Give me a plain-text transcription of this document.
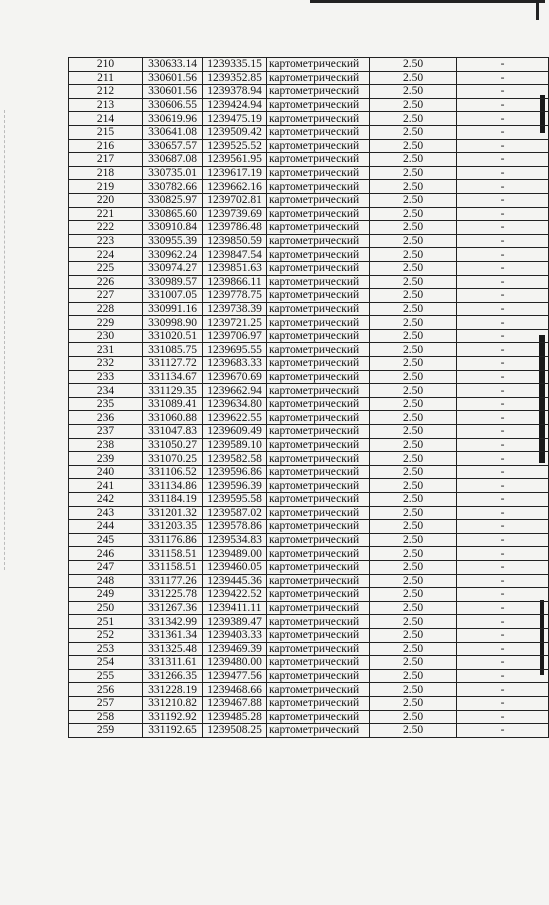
210	330633.14	1239335.15	картометрический	2.50	-
211	330601.56	1239352.85	картометрический	2.50	-
212	330601.56	1239378.94	картометрический	2.50	-
213	330606.55	1239424.94	картометрический	2.50	-
214	330619.96	1239475.19	картометрический	2.50	-
215	330641.08	1239509.42	картометрический	2.50	-
216	330657.57	1239525.52	картометрический	2.50	-
217	330687.08	1239561.95	картометрический	2.50	-
218	330735.01	1239617.19	картометрический	2.50	-
219	330782.66	1239662.16	картометрический	2.50	-
220	330825.97	1239702.81	картометрический	2.50	-
221	330865.60	1239739.69	картометрический	2.50	-
222	330910.84	1239786.48	картометрический	2.50	-
223	330955.39	1239850.59	картометрический	2.50	-
224	330962.24	1239847.54	картометрический	2.50	-
225	330974.27	1239851.63	картометрический	2.50	-
226	330989.57	1239866.11	картометрический	2.50	-
227	331007.05	1239778.75	картометрический	2.50	-
228	330991.16	1239738.39	картометрический	2.50	-
229	330998.90	1239721.25	картометрический	2.50	-
230	331020.51	1239706.97	картометрический	2.50	-
231	331085.75	1239695.55	картометрический	2.50	-
232	331127.72	1239683.33	картометрический	2.50	-
233	331134.67	1239670.69	картометрический	2.50	-
234	331129.35	1239662.94	картометрический	2.50	-
235	331089.41	1239634.80	картометрический	2.50	-
236	331060.88	1239622.55	картометрический	2.50	-
237	331047.83	1239609.49	картометрический	2.50	-
238	331050.27	1239589.10	картометрический	2.50	-
239	331070.25	1239582.58	картометрический	2.50	-
240	331106.52	1239596.86	картометрический	2.50	-
241	331134.86	1239596.39	картометрический	2.50	-
242	331184.19	1239595.58	картометрический	2.50	-
243	331201.32	1239587.02	картометрический	2.50	-
244	331203.35	1239578.86	картометрический	2.50	-
245	331176.86	1239534.83	картометрический	2.50	-
246	331158.51	1239489.00	картометрический	2.50	-
247	331158.51	1239460.05	картометрический	2.50	-
248	331177.26	1239445.36	картометрический	2.50	-
249	331225.78	1239422.52	картометрический	2.50	-
250	331267.36	1239411.11	картометрический	2.50	-
251	331342.99	1239389.47	картометрический	2.50	-
252	331361.34	1239403.33	картометрический	2.50	-
253	331325.48	1239469.39	картометрический	2.50	-
254	331311.61	1239480.00	картометрический	2.50	-
255	331266.35	1239477.56	картометрический	2.50	-
256	331228.19	1239468.66	картометрический	2.50	-
257	331210.82	1239467.88	картометрический	2.50	-
258	331192.92	1239485.28	картометрический	2.50	-
259	331192.65	1239508.25	картометрический	2.50	-
